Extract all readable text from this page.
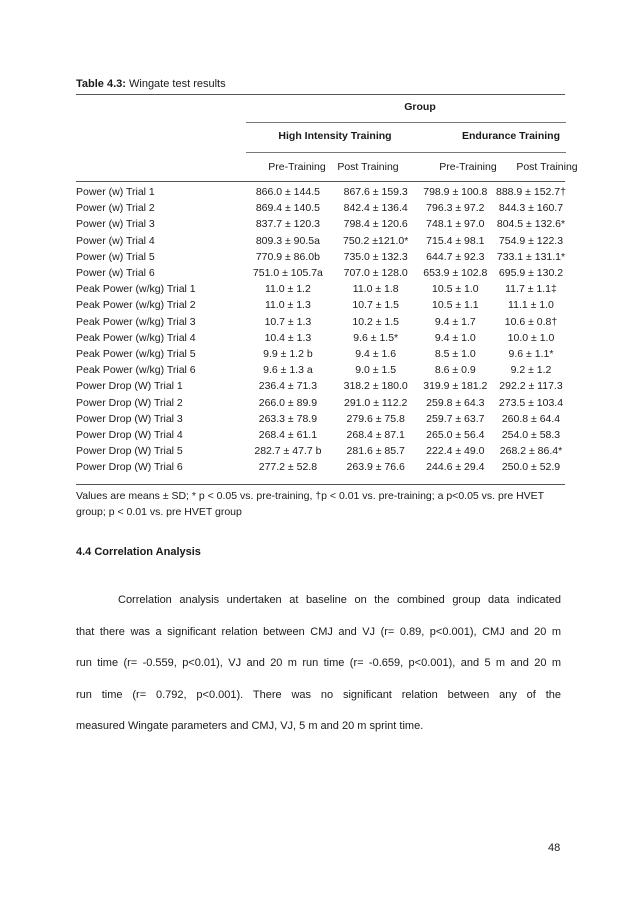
Table 4.3: Wingate test results
Group
High Intensity Training	Endurance Training
Pre-Training	Post Training	Pre-Training	Post Training
Power (w) Trial 1	866.0 ± 144.5	867.6 ± 159.3	798.9 ± 100.8	888.9 ± 152.7†
Power (w) Trial 2	869.4 ± 140.5	842.4 ± 136.4	796.3 ± 97.2	844.3 ± 160.7
Power (w) Trial 3	837.7 ± 120.3	798.4 ± 120.6	748.1 ± 97.0	804.5 ± 132.6*
Power (w) Trial 4	809.3 ± 90.5a	750.2 ±121.0*	715.4 ± 98.1	754.9 ± 122.3
Power (w) Trial 5	770.9 ± 86.0b	735.0 ± 132.3	644.7 ± 92.3	733.1 ± 131.1*
Power (w) Trial 6	751.0 ± 105.7a	707.0 ± 128.0	653.9 ± 102.8	695.9 ± 130.2
Peak Power (w/kg) Trial 1	11.0 ± 1.2	11.0 ± 1.8	10.5 ± 1.0	11.7 ± 1.1‡
Peak Power (w/kg) Trial 2	11.0 ± 1.3	10.7 ± 1.5	10.5 ± 1.1	11.1 ± 1.0
Peak Power (w/kg) Trial 3	10.7 ± 1.3	10.2 ± 1.5	9.4 ± 1.7	10.6 ± 0.8†
Peak Power (w/kg) Trial 4	10.4 ± 1.3	9.6 ± 1.5*	9.4 ± 1.0	10.0 ± 1.0
Peak Power (w/kg) Trial 5	9.9 ± 1.2 b	9.4 ± 1.6	8.5 ± 1.0	9.6 ± 1.1*
Peak Power (w/kg) Trial 6	9.6 ± 1.3 a	9.0 ± 1.5	8.6 ± 0.9	9.2 ± 1.2
Power Drop (W) Trial 1	236.4 ± 71.3	318.2 ± 180.0	319.9 ± 181.2	292.2 ± 117.3
Power Drop (W) Trial 2	266.0 ± 89.9	291.0 ± 112.2	259.8 ± 64.3	273.5 ± 103.4
Power Drop (W) Trial 3	263.3 ± 78.9	279.6 ± 75.8	259.7 ± 63.7	260.8 ± 64.4
Power Drop (W) Trial 4	268.4 ± 61.1	268.4 ± 87.1	265.0 ± 56.4	254.0 ± 58.3
Power Drop (W) Trial 5	282.7 ± 47.7 b	281.6 ± 85.7	222.4 ± 49.0	268.2 ± 86.4*
Power Drop (W) Trial 6	277.2 ± 52.8	263.9 ± 76.6	244.6 ± 29.4	250.0 ± 52.9
Values are means ± SD; * p < 0.05 vs. pre-training, †p < 0.01 vs. pre-training; a p<0.05 vs. pre HVET
group; p < 0.01 vs. pre HVET group
4.4 Correlation Analysis
Correlation analysis undertaken at baseline on the combined group data indicated
that there was a significant relation between CMJ and VJ (r= 0.89, p<0.001), CMJ and 20 m
run time (r= -0.559, p<0.01), VJ and 20 m run time (r= -0.659, p<0.001), and 5 m and 20 m
run time (r= 0.792, p<0.001). There was no significant relation between any of the
measured Wingate parameters and CMJ, VJ, 5 m and 20 m sprint time.
48
